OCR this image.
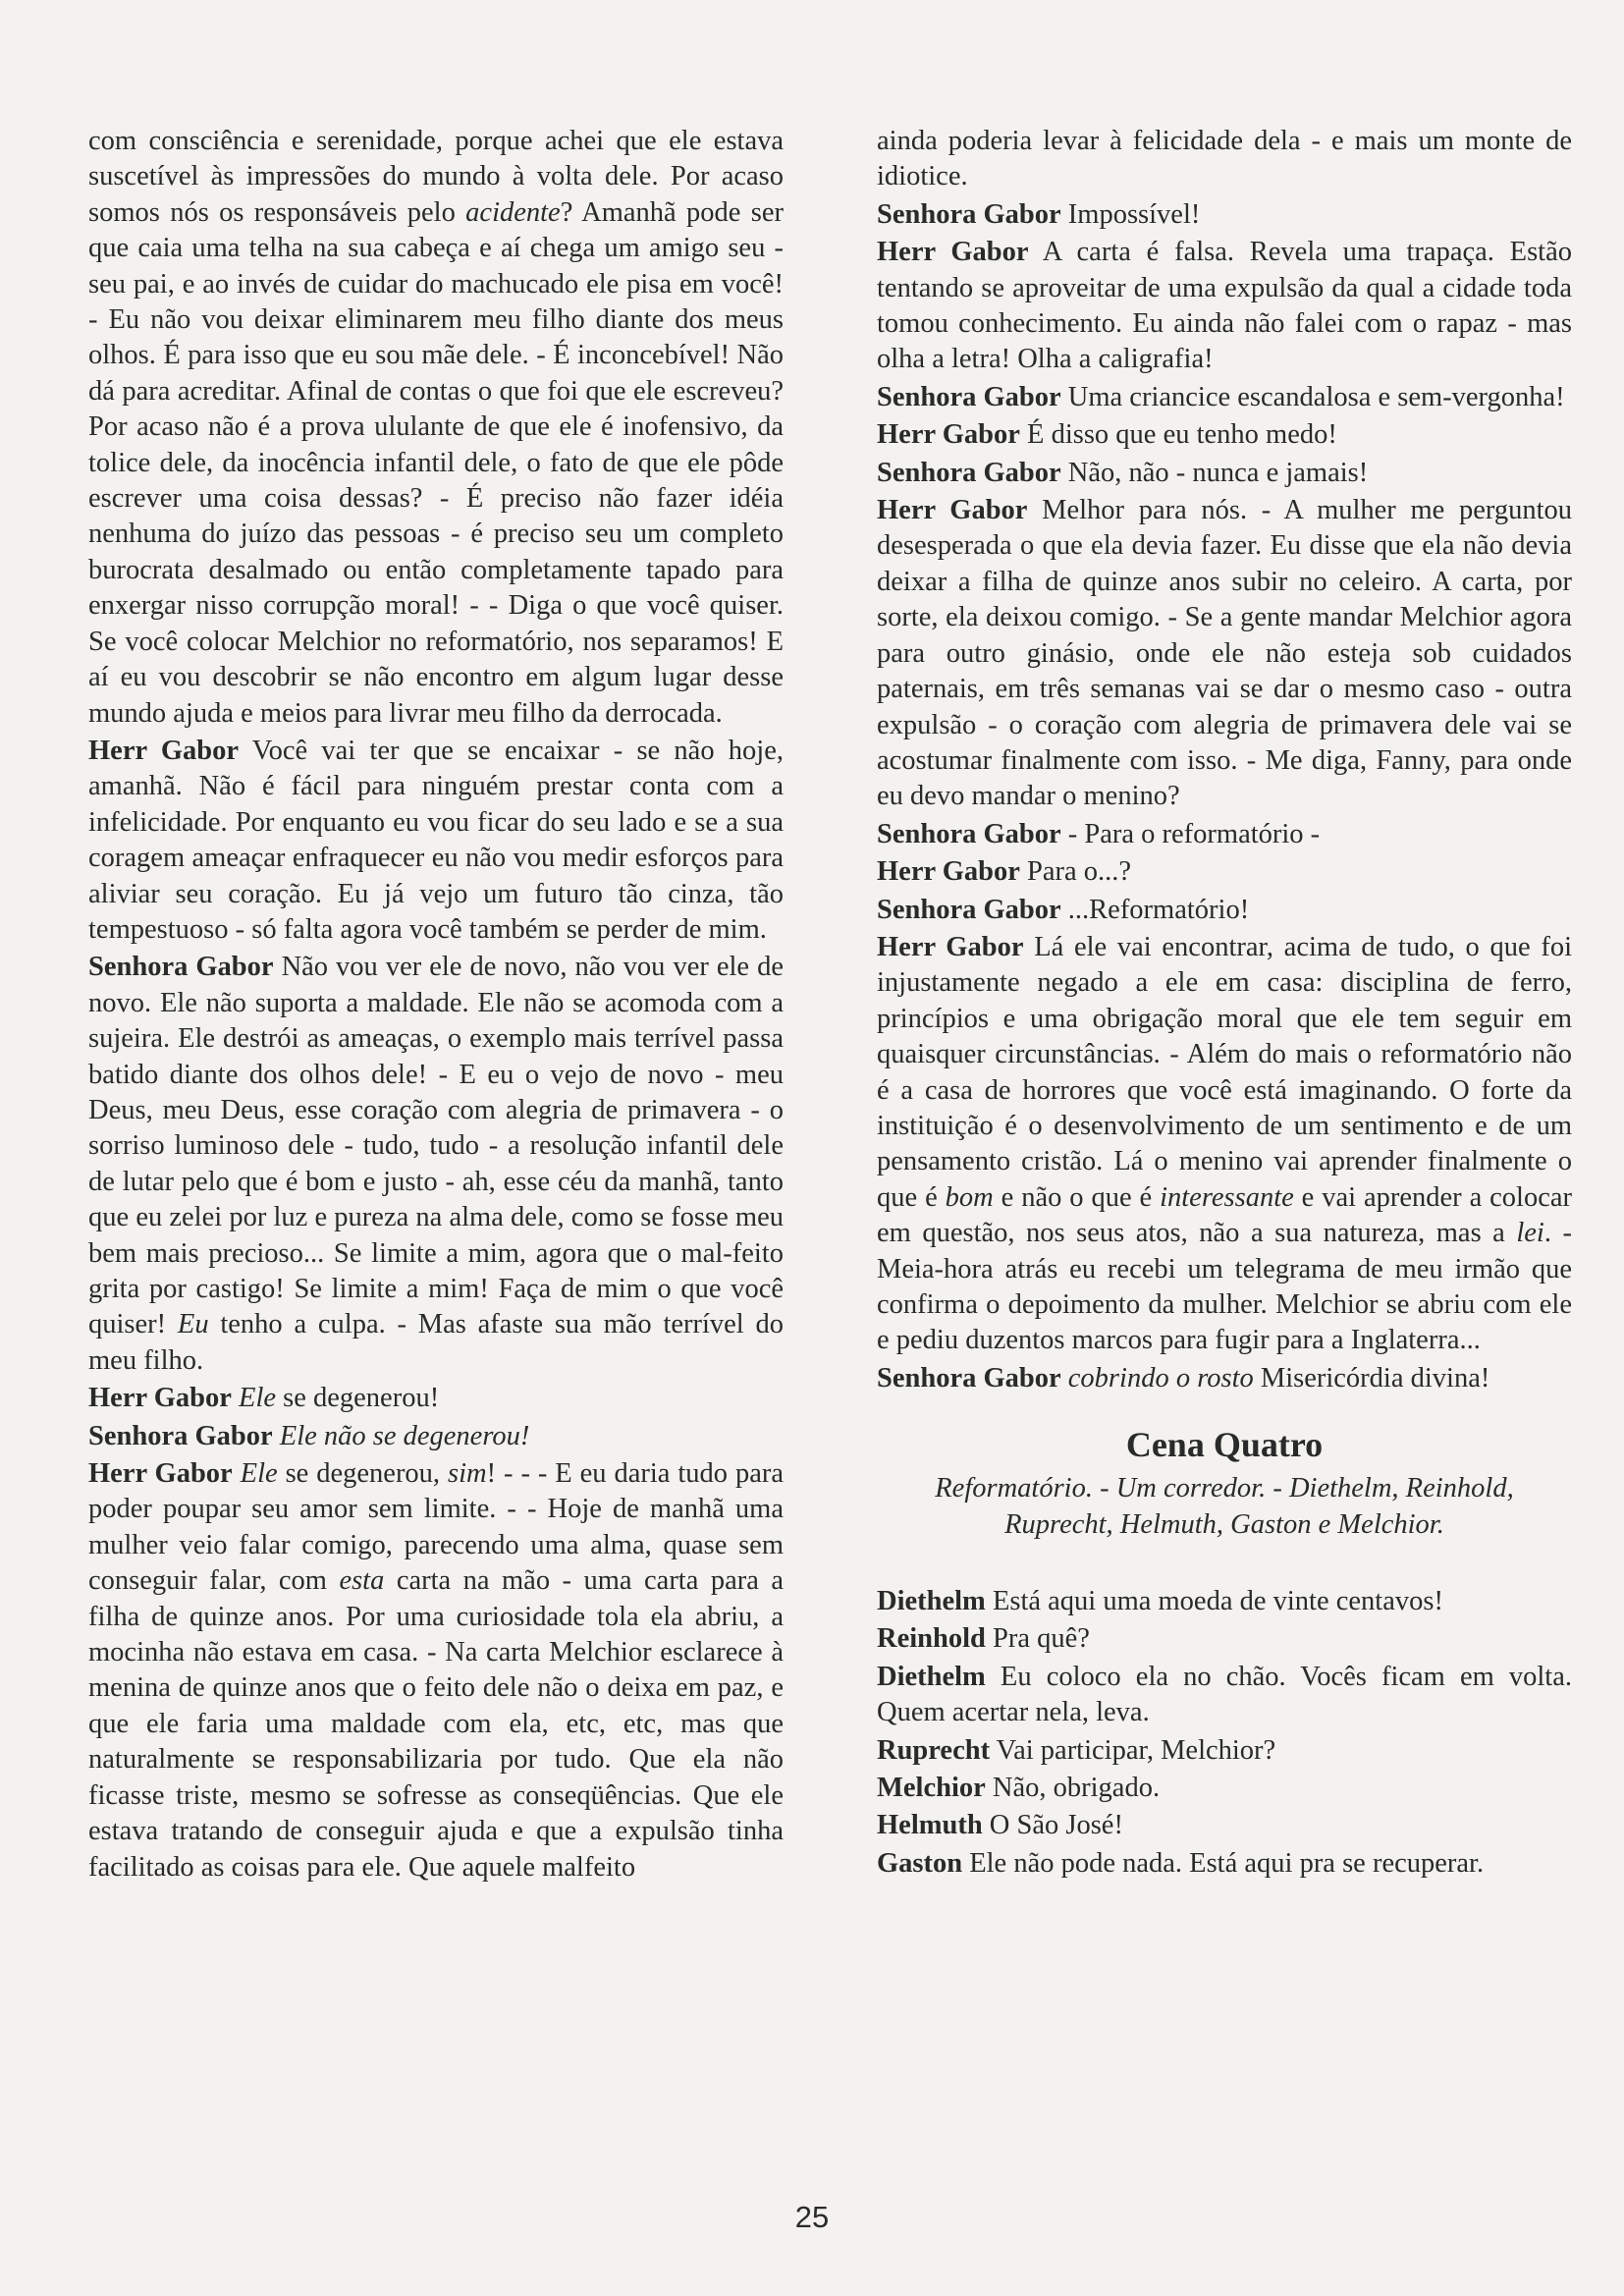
com consciência e serenidade, porque achei que ele estava suscetível às impressões do mundo à volta dele. Por acaso somos nós os responsáveis pelo acidente? Amanhã pode ser que caia uma telha na sua cabeça e aí chega um amigo seu - seu pai, e ao invés de cuidar do machucado ele pisa em você! - Eu não vou deixar eliminarem meu filho diante dos meus olhos. É para isso que eu sou mãe dele. - É inconcebível! Não dá para acreditar. Afinal de contas o que foi que ele escreveu? Por acaso não é a prova ululante de que ele é inofensivo, da tolice dele, da inocência infantil dele, o fato de que ele pôde escrever uma coisa dessas? - É preciso não fazer idéia nenhuma do juízo das pessoas - é preciso seu um completo burocrata desalmado ou então completamente tapado para enxergar nisso corrupção moral! - - Diga o que você quiser. Se você colocar Melchior no reformatório, nos separamos! E aí eu vou descobrir se não encontro em algum lugar desse mundo ajuda e meios para livrar meu filho da derrocada.

Herr Gabor Você vai ter que se encaixar - se não hoje, amanhã. Não é fácil para ninguém prestar conta com a infelicidade. Por enquanto eu vou ficar do seu lado e se a sua coragem ameaçar enfraquecer eu não vou medir esforços para aliviar seu coração. Eu já vejo um futuro tão cinza, tão tempestuoso - só falta agora você também se perder de mim.

Senhora Gabor Não vou ver ele de novo, não vou ver ele de novo. Ele não suporta a maldade. Ele não se acomoda com a sujeira. Ele destrói as ameaças, o exemplo mais terrível passa batido diante dos olhos dele! - E eu o vejo de novo - meu Deus, meu Deus, esse coração com alegria de primavera - o sorriso luminoso dele - tudo, tudo - a resolução infantil dele de lutar pelo que é bom e justo - ah, esse céu da manhã, tanto que eu zelei por luz e pureza na alma dele, como se fosse meu bem mais precioso... Se limite a mim, agora que o mal-feito grita por castigo! Se limite a mim! Faça de mim o que você quiser! Eu tenho a culpa. - Mas afaste sua mão terrível do meu filho.

Herr Gabor Ele se degenerou!

Senhora Gabor Ele não se degenerou!

Herr Gabor Ele se degenerou, sim! - - - E eu daria tudo para poder poupar seu amor sem limite. - - Hoje de manhã uma mulher veio falar comigo, parecendo uma alma, quase sem conseguir falar, com esta carta na mão - uma carta para a filha de quinze anos. Por uma curiosidade tola ela abriu, a mocinha não estava em casa. - Na carta Melchior esclarece à menina de quinze anos que o feito dele não o deixa em paz, e que ele faria uma maldade com ela, etc, etc, mas que naturalmente se responsabilizaria por tudo. Que ela não ficasse triste, mesmo se sofresse as conseqüências. Que ele estava tratando de conseguir ajuda e que a expulsão tinha facilitado as coisas para ele. Que aquele malfeito

ainda poderia levar à felicidade dela - e mais um monte de idiotice.

Senhora Gabor Impossível!

Herr Gabor A carta é falsa. Revela uma trapaça. Estão tentando se aproveitar de uma expulsão da qual a cidade toda tomou conhecimento. Eu ainda não falei com o rapaz - mas olha a letra! Olha a caligrafia!

Senhora Gabor Uma criancice escandalosa e sem-vergonha!

Herr Gabor É disso que eu tenho medo!

Senhora Gabor Não, não - nunca e jamais!

Herr Gabor Melhor para nós. - A mulher me perguntou desesperada o que ela devia fazer. Eu disse que ela não devia deixar a filha de quinze anos subir no celeiro. A carta, por sorte, ela deixou comigo. - Se a gente mandar Melchior agora para outro ginásio, onde ele não esteja sob cuidados paternais, em três semanas vai se dar o mesmo caso - outra expulsão - o coração com alegria de primavera dele vai se acostumar finalmente com isso. - Me diga, Fanny, para onde eu devo mandar o menino?

Senhora Gabor - Para o reformatório -

Herr Gabor Para o...?

Senhora Gabor ...Reformatório!

Herr Gabor Lá ele vai encontrar, acima de tudo, o que foi injustamente negado a ele em casa: disciplina de ferro, princípios e uma obrigação moral que ele tem seguir em quaisquer circunstâncias. - Além do mais o reformatório não é a casa de horrores que você está imaginando. O forte da instituição é o desenvolvimento de um sentimento e de um pensamento cristão. Lá o menino vai aprender finalmente o que é bom e não o que é interessante e vai aprender a colocar em questão, nos seus atos, não a sua natureza, mas a lei. - Meia-hora atrás eu recebi um telegrama de meu irmão que confirma o depoimento da mulher. Melchior se abriu com ele e pediu duzentos marcos para fugir para a Inglaterra...

Senhora Gabor cobrindo o rosto Misericórdia divina!

Cena Quatro
Reformatório. - Um corredor. - Diethelm, Reinhold,
Ruprecht, Helmuth, Gaston e Melchior.

Diethelm Está aqui uma moeda de vinte centavos!

Reinhold Pra quê?

Diethelm Eu coloco ela no chão. Vocês ficam em volta. Quem acertar nela, leva.

Ruprecht Vai participar, Melchior?

Melchior Não, obrigado.

Helmuth O São José!

Gaston Ele não pode nada. Está aqui pra se recuperar.

25
